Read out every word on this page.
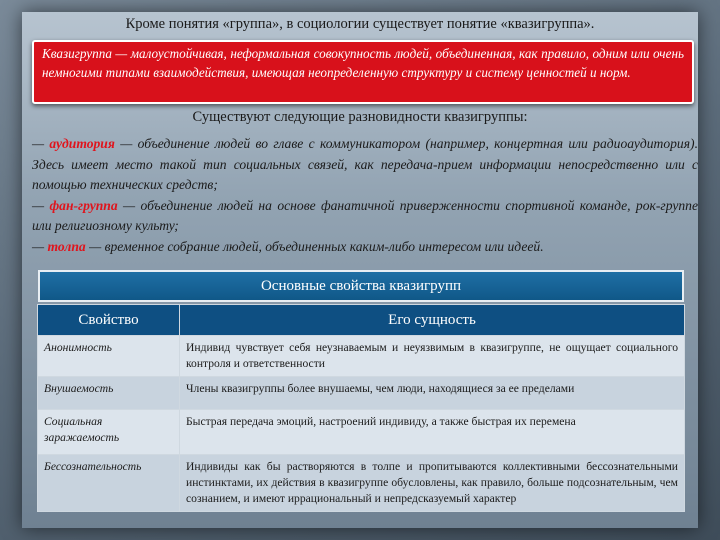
Кроме понятия «группа», в социологии существует понятие «квазигруппа».
Квазигруппа — малоустойчивая, неформальная совокупность людей, объединенная, как правило, одним или очень немногими типами взаимодействия, имеющая неопределенную структуру и систему ценностей и норм.
Существуют следующие разновидности квазигруппы:

— аудитория — объединение людей во главе с коммуникатором (например, концертная или радиоаудитория). Здесь имеет место такой тип социальных связей, как передача-прием информации непосредственно или с помощью технических средств;

— фан-группа — объединение людей на основе фанатичной приверженности спортивной команде, рок-группе или религиозному культу;

— толпа — временное собрание людей, объединенных каким-либо интересом или идеей.

Основные свойства квазигрупп
Свойство	Его сущность
Анонимность	Индивид чувствует себя неузнаваемым и неуязвимым в квазигруппе, не ощущает социального контроля и ответственности
Внушаемость	Члены квазигруппы более внушаемы, чем люди, находящиеся за ее пределами
Социальная заражаемость	Быстрая передача эмоций, настроений индивиду, а также быстрая их перемена
Бессознательность	Индивиды как бы растворяются в толпе и пропитываются коллективными бессознательными инстинктами, их действия в квазигруппе обусловлены, как правило, больше подсознательным, чем сознанием, и имеют иррациональный и непредсказуемый характер
